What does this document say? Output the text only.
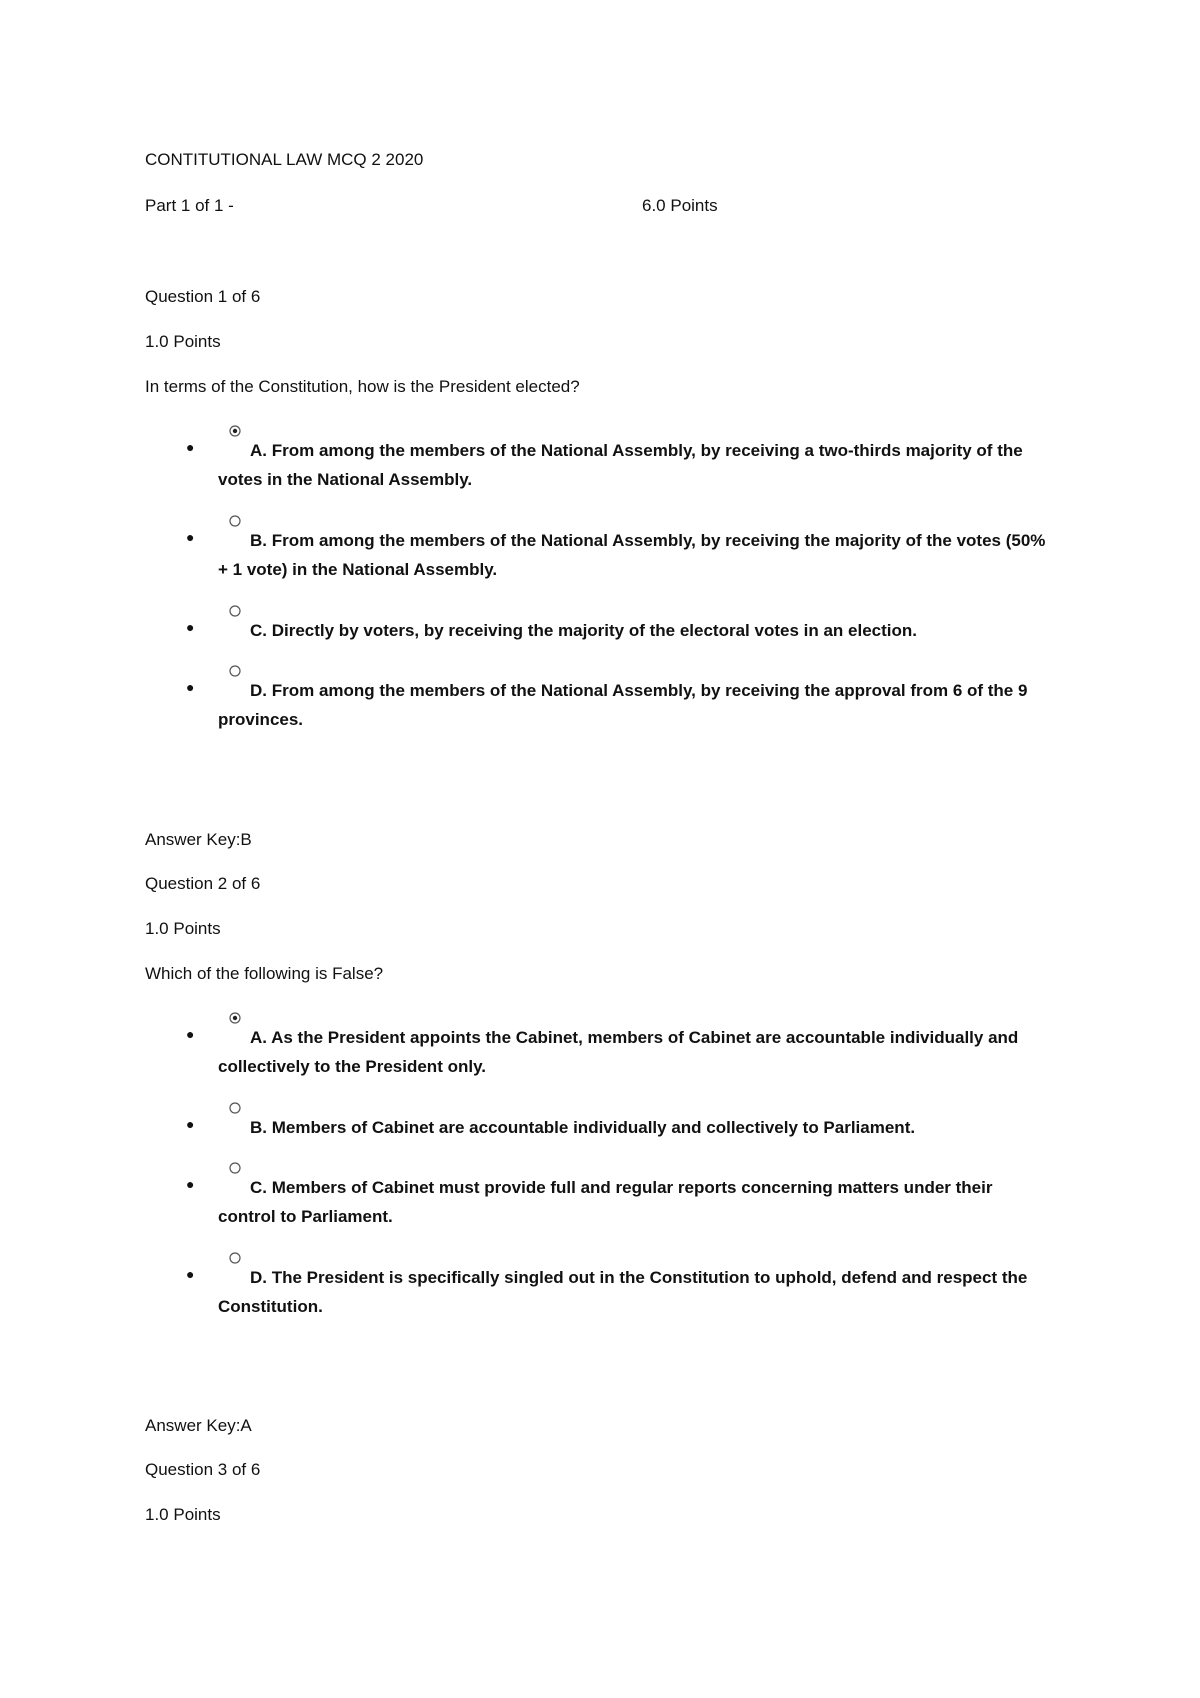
CONTITUTIONAL LAW MCQ 2 2020
Part 1 of 1 -	6.0 Points
Question 1 of 6
1.0 Points
In terms of the Constitution, how is the President elected?
●	A. From among the members of the National Assembly, by receiving a two-thirds majority of the votes in the National Assembly.
●	B. From among the members of the National Assembly, by receiving the majority of the votes (50% + 1 vote) in the National Assembly.
●	C. Directly by voters, by receiving the majority of the electoral votes in an election.
●	D. From among the members of the National Assembly, by receiving the approval from 6 of the 9 provinces.
Answer Key:B
Question 2 of 6
1.0 Points
Which of the following is False?
●	A. As the President appoints the Cabinet, members of Cabinet are accountable individually and collectively to the President only.
●	B. Members of Cabinet are accountable individually and collectively to Parliament.
●	C. Members of Cabinet must provide full and regular reports concerning matters under their control to Parliament.
●	D. The President is specifically singled out in the Constitution to uphold, defend and respect the Constitution.
Answer Key:A
Question 3 of 6
1.0 Points
